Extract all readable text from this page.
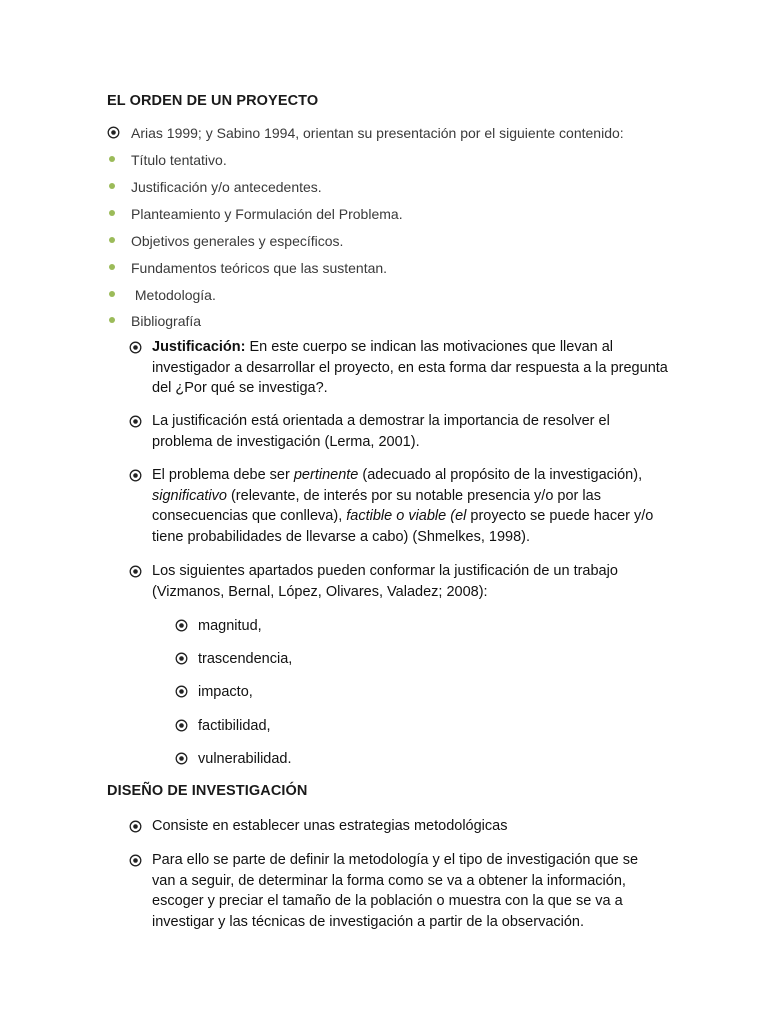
EL ORDEN DE UN PROYECTO
Arias 1999; y Sabino 1994, orientan su presentación por el siguiente contenido:
Título tentativo.
Justificación y/o antecedentes.
Planteamiento y Formulación del Problema.
Objetivos generales y específicos.
Fundamentos teóricos que las sustentan.
Metodología.
Bibliografía
Justificación: En este cuerpo se indican las motivaciones que llevan al investigador a desarrollar el proyecto, en esta forma dar respuesta a la pregunta del ¿Por qué se investiga?.
La justificación está orientada a demostrar la importancia de resolver el problema de investigación (Lerma, 2001).
El problema debe ser pertinente (adecuado al propósito de la investigación), significativo (relevante, de interés por su notable presencia y/o por las consecuencias que conlleva), factible o viable (el proyecto se puede hacer y/o tiene probabilidades de llevarse a cabo) (Shmelkes, 1998).
Los siguientes apartados pueden conformar la justificación de un trabajo (Vizmanos, Bernal, López, Olivares, Valadez; 2008):
magnitud,
trascendencia,
impacto,
factibilidad,
vulnerabilidad.
DISEÑO DE INVESTIGACIÓN
Consiste en establecer unas estrategias metodológicas
Para ello se parte de definir la metodología y el tipo de investigación que se van a seguir, de determinar la forma como se va a obtener la información, escoger y preciar el tamaño de la población o muestra con la que se va a investigar y las técnicas de investigación a partir de la observación.
